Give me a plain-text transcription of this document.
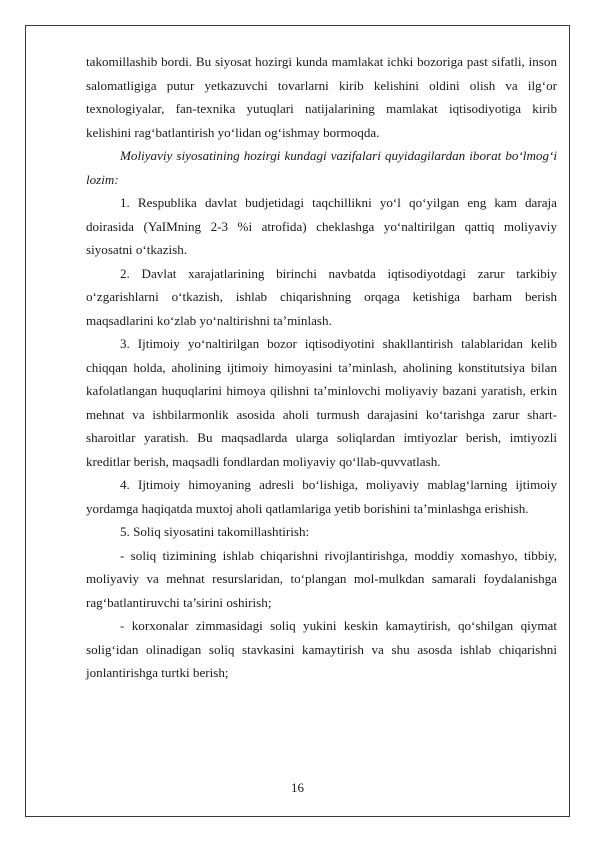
takomillashib bordi. Bu siyosat hozirgi kunda mamlakat ichki bozoriga past sifatli, inson salomatligiga putur yetkazuvchi tovarlarni kirib kelishini oldini olish va ilg‘or texnologiyalar, fan-texnika yutuqlari natijalarining mamlakat iqtisodiyotiga kirib kelishini rag‘batlantirish yo‘lidan og‘ishmay bormoqda.

Moliyaviy siyosatining hozirgi kundagi vazifalari quyidagilardan iborat bo‘lmog‘i lozim:

1. Respublika davlat budjetidagi taqchillikni yo‘l qo‘yilgan eng kam daraja doirasida (YaIMning 2-3 %i atrofida) cheklashga yo‘naltirilgan qattiq moliyaviy siyosatni o‘tkazish.

2. Davlat xarajatlarining birinchi navbatda iqtisodiyotdagi zarur tarkibiy o‘zgarishlarni o‘tkazish, ishlab chiqarishning orqaga ketishiga barham berish maqsadlarini ko‘zlab yo‘naltirishni ta’minlash.

3. Ijtimoiy yo‘naltirilgan bozor iqtisodiyotini shakllantirish talablaridan kelib chiqqan holda, aholining ijtimoiy himoyasini ta’minlash, aholining konstitutsiya bilan kafolatlangan huquqlarini himoya qilishni ta’minlovchi moliyaviy bazani yaratish, erkin mehnat va ishbilarmonlik asosida aholi turmush darajasini ko‘tarishga zarur shart-sharoitlar yaratish. Bu maqsadlarda ularga soliqlardan imtiyozlar berish, imtiyozli kreditlar berish, maqsadli fondlardan moliyaviy qo‘llab-quvvatlash.

4. Ijtimoiy himoyaning adresli bo‘lishiga, moliyaviy mablag‘larning ijtimoiy yordamga haqiqatda muxtoj aholi qatlamlariga yetib borishini ta’minlashga erishish.

5. Soliq siyosatini takomillashtirish:

- soliq tizimining ishlab chiqarishni rivojlantirishga, moddiy xomashyo, tibbiy, moliyaviy va mehnat resurslaridan, to‘plangan mol-mulkdan samarali foydalanishga rag‘batlantiruvchi ta’sirini oshirish;

- korxonalar zimmasidagi soliq yukini keskin kamaytirish, qo‘shilgan qiymat solig‘idan olinadigan soliq stavkasini kamaytirish va shu asosda ishlab chiqarishni jonlantirishga turtki berish;

16
